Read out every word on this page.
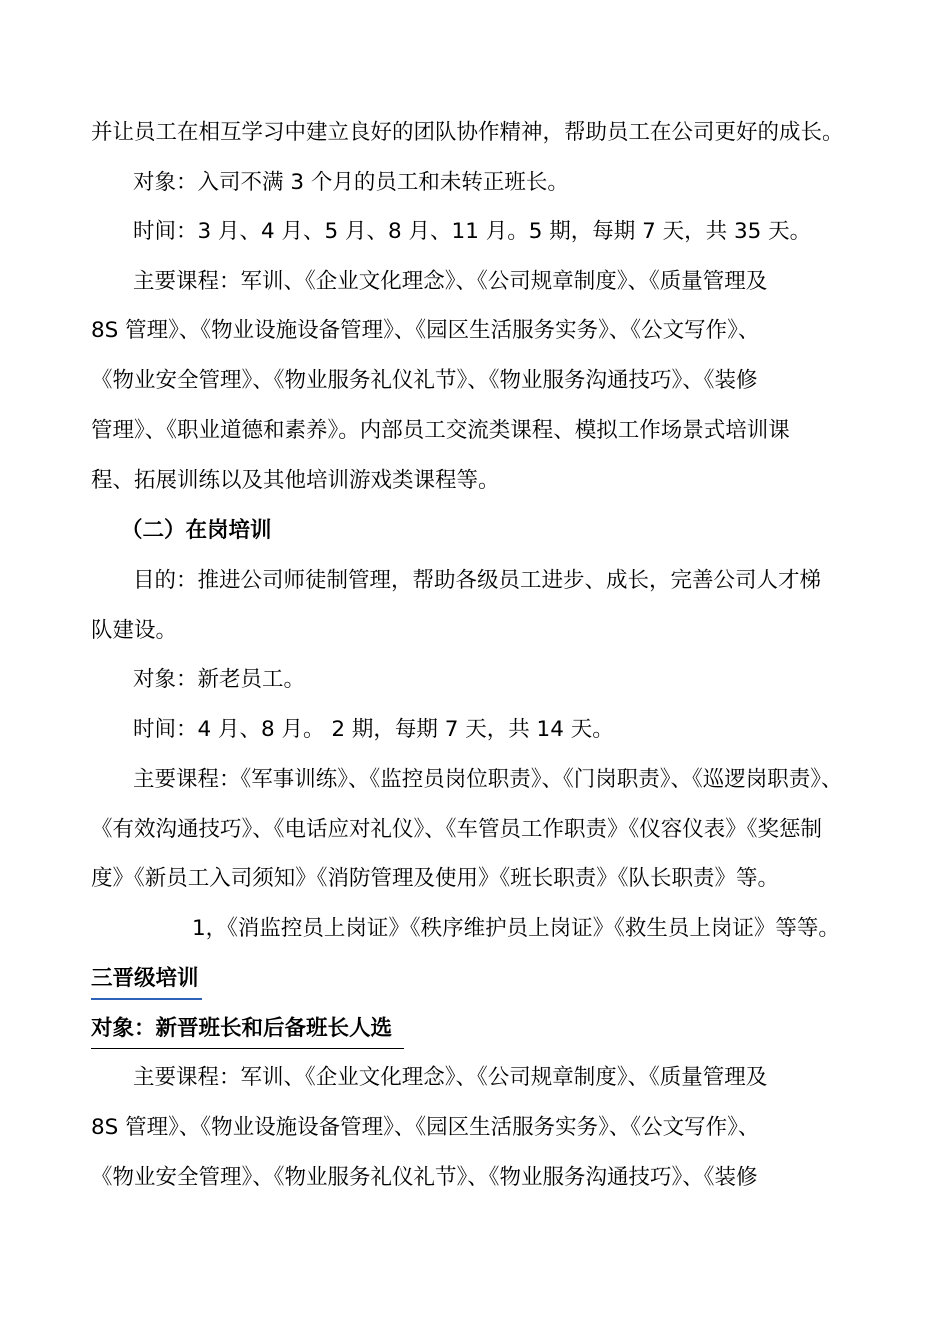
并让员工在相互学习中建立良好的团队协作精神，帮助员工在公司更好的成长。
对象：入司不满 3 个月的员工和未转正班长。
时间：3 月、4 月、5 月、8 月、11 月。5 期，每期 7 天，共 35 天。
主要课程：军训、《企业文化理念》、《公司规章制度》、《质量管理及
8S 管理》、《物业设施设备管理》、《园区生活服务实务》、《公文写作》、
《物业安全管理》、《物业服务礼仪礼节》、《物业服务沟通技巧》、《装修
管理》、《职业道德和素养》。内部员工交流类课程、模拟工作场景式培训课
程、拓展训练以及其他培训游戏类课程等。
（二）在岗培训
目的：推进公司师徒制管理，帮助各级员工进步、成长，完善公司人才梯
队建设。
对象：新老员工。
时间：4 月、8 月。 2 期，每期 7 天，共 14 天。
主要课程：《军事训练》、《监控员岗位职责》、《门岗职责》、《巡逻岗职责》、
《有效沟通技巧》、《电话应对礼仪》、《车管员工作职责》《仪容仪表》《奖惩制
度》《新员工入司须知》《消防管理及使用》《班长职责》《队长职责》等。
1，《消监控员上岗证》《秩序维护员上岗证》《救生员上岗证》等等。
三晋级培训
对象：新晋班长和后备班长人选
主要课程：军训、《企业文化理念》、《公司规章制度》、《质量管理及
8S 管理》、《物业设施设备管理》、《园区生活服务实务》、《公文写作》、
《物业安全管理》、《物业服务礼仪礼节》、《物业服务沟通技巧》、《装修
